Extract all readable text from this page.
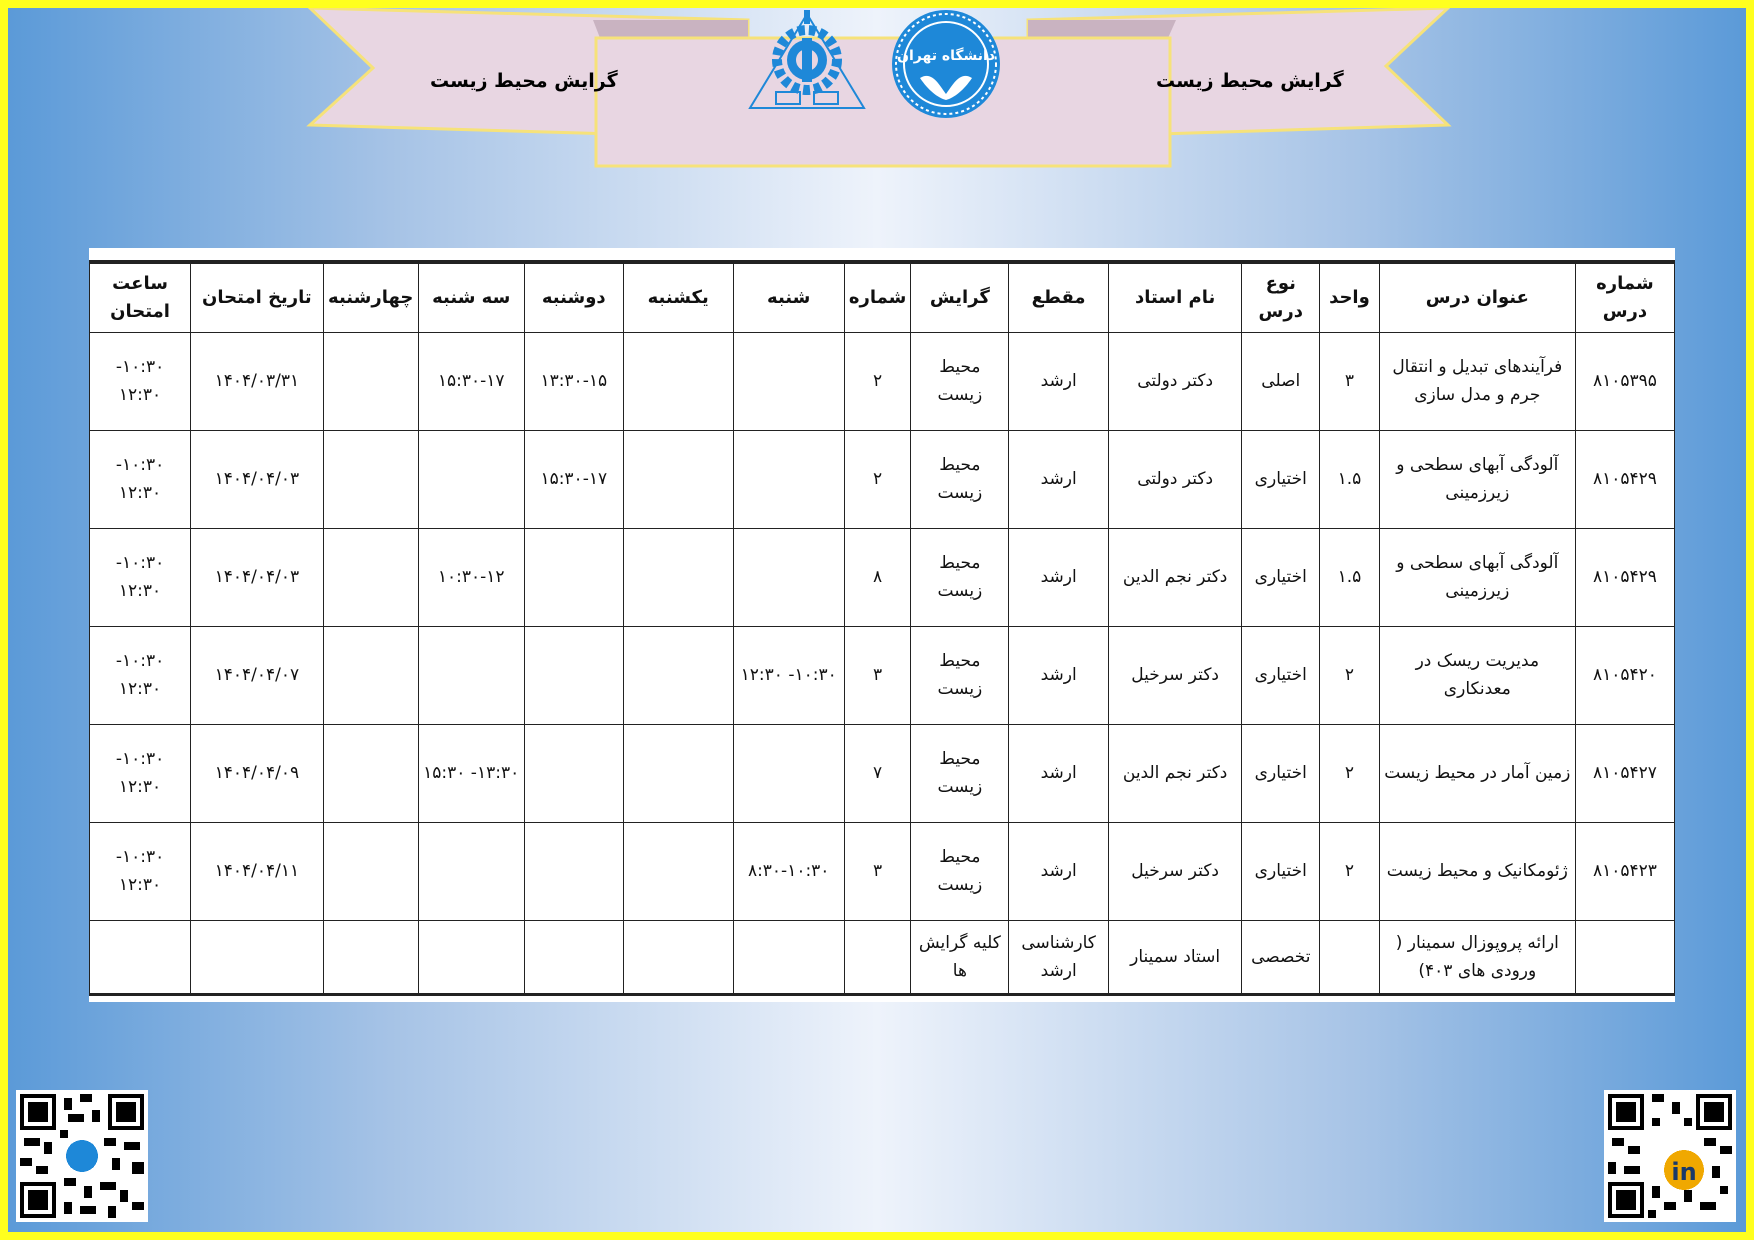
گرایش محیط زیست	گرایش محیط زیست
دانشگاه تهران
شماره درس	عنوان درس	واحد	نوع درس	نام استاد	مقطع	گرایش	شماره	شنبه	یکشنبه	دوشنبه	سه شنبه	چهارشنبه	تاریخ امتحان	ساعت امتحان
۸۱۰۵۳۹۵	فرآیندهای تبدیل و انتقال جرم و مدل سازی	۳	اصلی	دکتر دولتی	ارشد	محیط زیست	۲			۱۳:۳۰-۱۵	۱۵:۳۰-۱۷		۱۴۰۴/۰۳/۳۱	۱۰:۳۰- ۱۲:۳۰
۸۱۰۵۴۲۹	آلودگی آبهای سطحی و زیرزمینی	۱.۵	اختیاری	دکتر دولتی	ارشد	محیط زیست	۲			۱۵:۳۰-۱۷			۱۴۰۴/۰۴/۰۳	۱۰:۳۰- ۱۲:۳۰
۸۱۰۵۴۲۹	آلودگی آبهای سطحی و زیرزمینی	۱.۵	اختیاری	دکتر نجم الدین	ارشد	محیط زیست	۸				۱۰:۳۰-۱۲		۱۴۰۴/۰۴/۰۳	۱۰:۳۰- ۱۲:۳۰
۸۱۰۵۴۲۰	مدیریت ریسک در معدنکاری	۲	اختیاری	دکتر سرخیل	ارشد	محیط زیست	۳	۱۰:۳۰- ۱۲:۳۰					۱۴۰۴/۰۴/۰۷	۱۰:۳۰- ۱۲:۳۰
۸۱۰۵۴۲۷	زمین آمار در محیط زیست	۲	اختیاری	دکتر نجم الدین	ارشد	محیط زیست	۷				۱۳:۳۰- ۱۵:۳۰		۱۴۰۴/۰۴/۰۹	۱۰:۳۰- ۱۲:۳۰
۸۱۰۵۴۲۳	ژئومکانیک و محیط زیست	۲	اختیاری	دکتر سرخیل	ارشد	محیط زیست	۳	۸:۳۰-۱۰:۳۰					۱۴۰۴/۰۴/۱۱	۱۰:۳۰- ۱۲:۳۰
	ارائه پروپوزال سمینار ( ورودی های ۴۰۳)		تخصصی	استاد سمینار	کارشناسی ارشد	کلیه گرایش ها								
in
